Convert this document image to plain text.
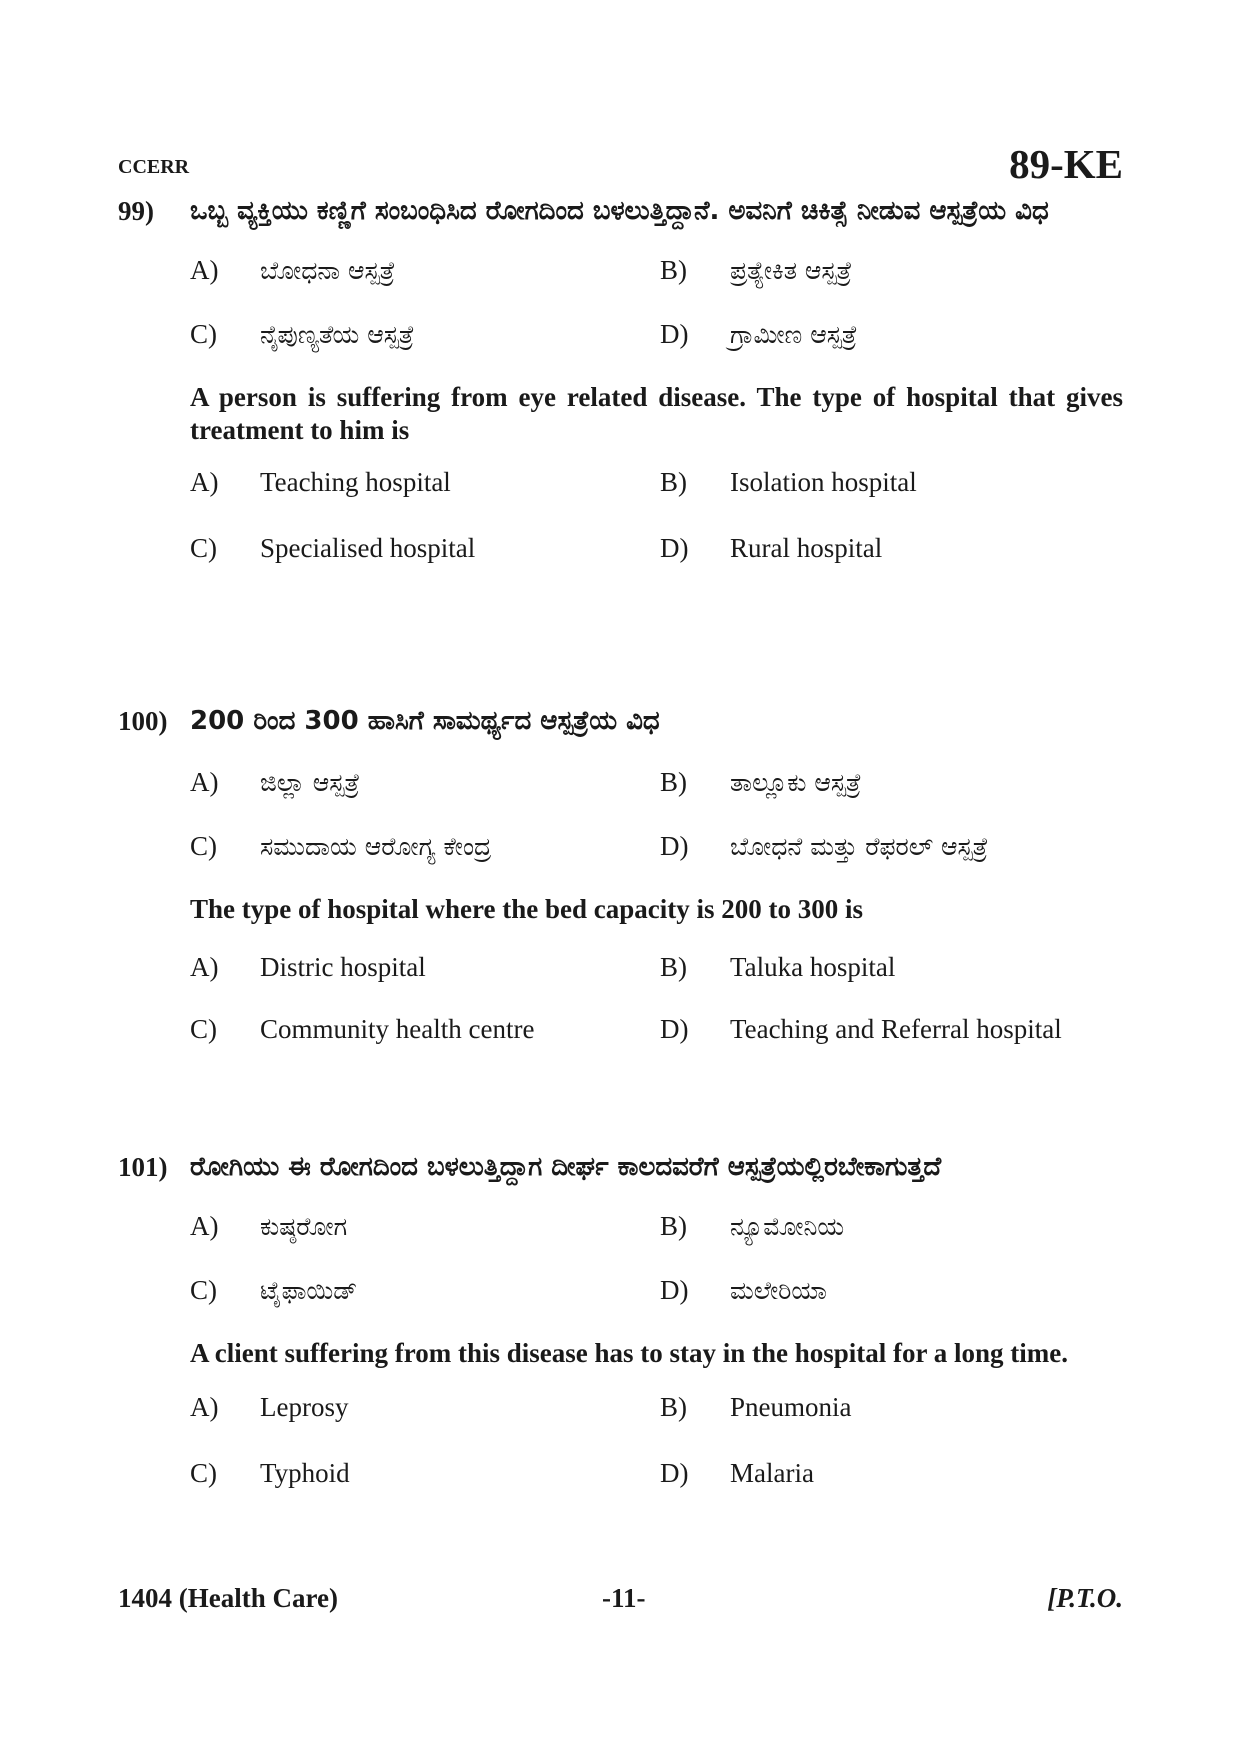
CCERR	89-KE
99) ಒಬ್ಬ ವ್ಯಕ್ತಿಯು ಕಣ್ಣಿಗೆ ಸಂಬಂಧಿಸಿದ ರೋಗದಿಂದ ಬಳಲುತ್ತಿದ್ದಾನೆ. ಅವನಿಗೆ ಚಿಕಿತ್ಸೆ ನೀಡುವ ಆಸ್ಪತ್ರೆಯ ವಿಧ
A) ಬೋಧನಾ ಆಸ್ಪತ್ರೆ	B) ಪ್ರತ್ಯೇಕಿತ ಆಸ್ಪತ್ರೆ
C) ನೈಪುಣ್ಯತೆಯ ಆಸ್ಪತ್ರೆ	D) ಗ್ರಾಮೀಣ ಆಸ್ಪತ್ರೆ
A person is suffering from eye related disease. The type of hospital that gives treatment to him is
A) Teaching hospital	B) Isolation hospital
C) Specialised hospital	D) Rural hospital
100) 200 ರಿಂದ 300 ಹಾಸಿಗೆ ಸಾಮರ್ಥ್ಯದ ಆಸ್ಪತ್ರೆಯ ವಿಧ
A) ಜಿಲ್ಲಾ ಆಸ್ಪತ್ರೆ	B) ತಾಲ್ಲೂಕು ಆಸ್ಪತ್ರೆ
C) ಸಮುದಾಯ ಆರೋಗ್ಯ ಕೇಂದ್ರ	D) ಬೋಧನೆ ಮತ್ತು ರೆಫರಲ್ ಆಸ್ಪತ್ರೆ
The type of hospital where the bed capacity is 200 to 300 is
A) Distric hospital	B) Taluka hospital
C) Community health centre	D) Teaching and Referral hospital
101) ರೋಗಿಯು ಈ ರೋಗದಿಂದ ಬಳಲುತ್ತಿದ್ದಾಗ ದೀರ್ಘ ಕಾಲದವರೆಗೆ ಆಸ್ಪತ್ರೆಯಲ್ಲಿರಬೇಕಾಗುತ್ತದೆ
A) ಕುಷ್ಠರೋಗ	B) ನ್ಯೂಮೋನಿಯ
C) ಟೈಫಾಯಿಡ್	D) ಮಲೇರಿಯಾ
A client suffering from this disease has to stay in the hospital for a long time.
A) Leprosy	B) Pneumonia
C) Typhoid	D) Malaria
1404 (Health Care)	-11-	[P.T.O.
